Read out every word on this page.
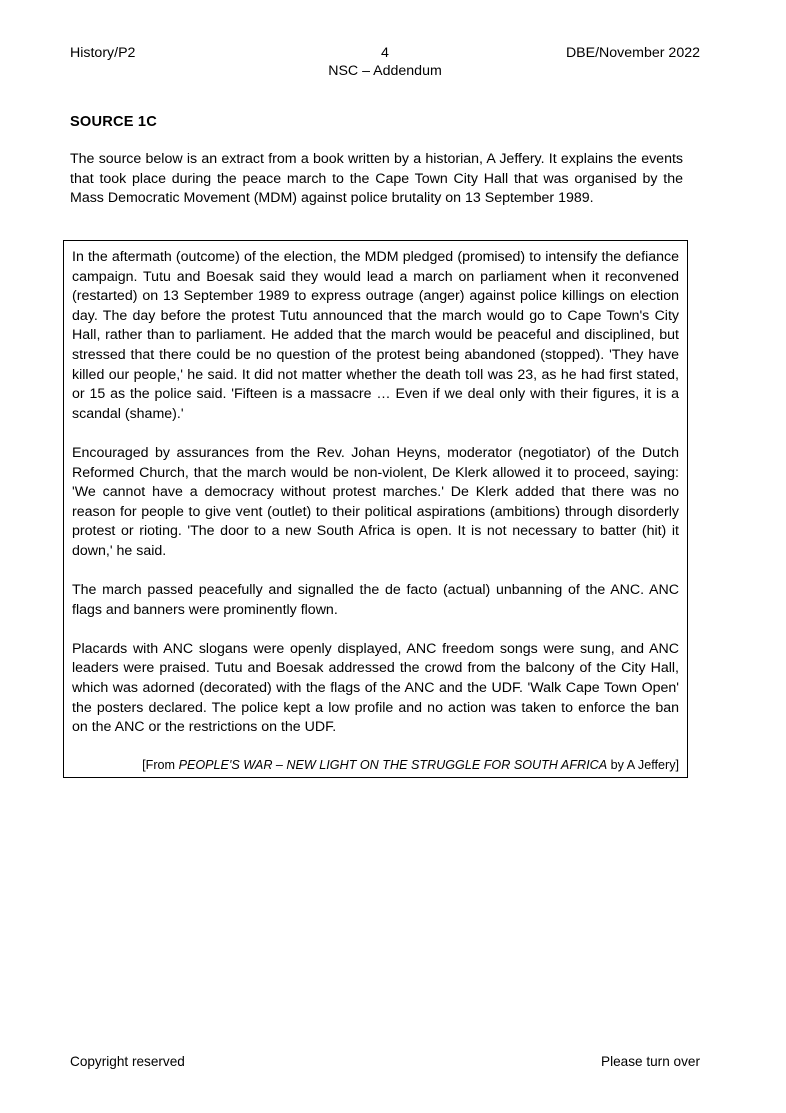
History/P2	4
NSC – Addendum
DBE/November 2022
SOURCE 1C
The source below is an extract from a book written by a historian, A Jeffery. It explains the events that took place during the peace march to the Cape Town City Hall that was organised by the Mass Democratic Movement (MDM) against police brutality on 13 September 1989.

In the aftermath (outcome) of the election, the MDM pledged (promised) to intensify the defiance campaign. Tutu and Boesak said they would lead a march on parliament when it reconvened (restarted) on 13 September 1989 to express outrage (anger) against police killings on election day. The day before the protest Tutu announced that the march would go to Cape Town's City Hall, rather than to parliament. He added that the march would be peaceful and disciplined, but stressed that there could be no question of the protest being abandoned (stopped). 'They have killed our people,' he said. It did not matter whether the death toll was 23, as he had first stated, or 15 as the police said. 'Fifteen is a massacre … Even if we deal only with their figures, it is a scandal (shame).'

Encouraged by assurances from the Rev. Johan Heyns, moderator (negotiator) of the Dutch Reformed Church, that the march would be non-violent, De Klerk allowed it to proceed, saying: 'We cannot have a democracy without protest marches.' De Klerk added that there was no reason for people to give vent (outlet) to their political aspirations (ambitions) through disorderly protest or rioting. 'The door to a new South Africa is open. It is not necessary to batter (hit) it down,' he said.

The march passed peacefully and signalled the de facto (actual) unbanning of the ANC. ANC flags and banners were prominently flown.

Placards with ANC slogans were openly displayed, ANC freedom songs were sung, and ANC leaders were praised. Tutu and Boesak addressed the crowd from the balcony of the City Hall, which was adorned (decorated) with the flags of the ANC and the UDF. 'Walk Cape Town Open' the posters declared. The police kept a low profile and no action was taken to enforce the ban on the ANC or the restrictions on the UDF.

[From PEOPLE'S WAR – NEW LIGHT ON THE STRUGGLE FOR SOUTH AFRICA by A Jeffery]
Copyright reserved	Please turn over
